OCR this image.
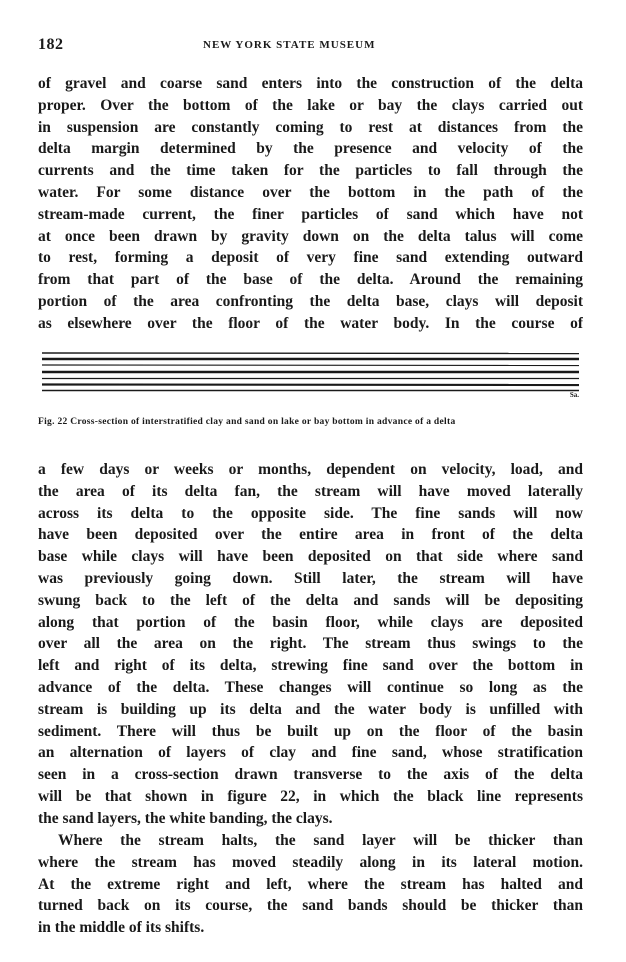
182	NEW YORK STATE MUSEUM
of gravel and coarse sand enters into the construction of the delta
proper. Over the bottom of the lake or bay the clays carried out
in suspension are constantly coming to rest at distances from the
delta margin determined by the presence and velocity of the
currents and the time taken for the particles to fall through the
water. For some distance over the bottom in the path of the
stream-made current, the finer particles of sand which have not
at once been drawn by gravity down on the delta talus will come
to rest, forming a deposit of very fine sand extending outward
from that part of the base of the delta. Around the remaining
portion of the area confronting the delta base, clays will deposit
as elsewhere over the floor of the water body. In the course of
Sa.
Fig. 22 Cross-section of interstratified clay and sand on lake or bay bottom in advance of a delta
a few days or weeks or months, dependent on velocity, load, and
the area of its delta fan, the stream will have moved laterally
across its delta to the opposite side. The fine sands will now
have been deposited over the entire area in front of the delta
base while clays will have been deposited on that side where sand
was previously going down. Still later, the stream will have
swung back to the left of the delta and sands will be depositing
along that portion of the basin floor, while clays are deposited
over all the area on the right. The stream thus swings to the
left and right of its delta, strewing fine sand over the bottom in
advance of the delta. These changes will continue so long as the
stream is building up its delta and the water body is unfilled with
sediment. There will thus be built up on the floor of the basin
an alternation of layers of clay and fine sand, whose stratification
seen in a cross-section drawn transverse to the axis of the delta
will be that shown in figure 22, in which the black line represents
the sand layers, the white banding, the clays.
Where the stream halts, the sand layer will be thicker than
where the stream has moved steadily along in its lateral motion.
At the extreme right and left, where the stream has halted and
turned back on its course, the sand bands should be thicker than
in the middle of its shifts.
